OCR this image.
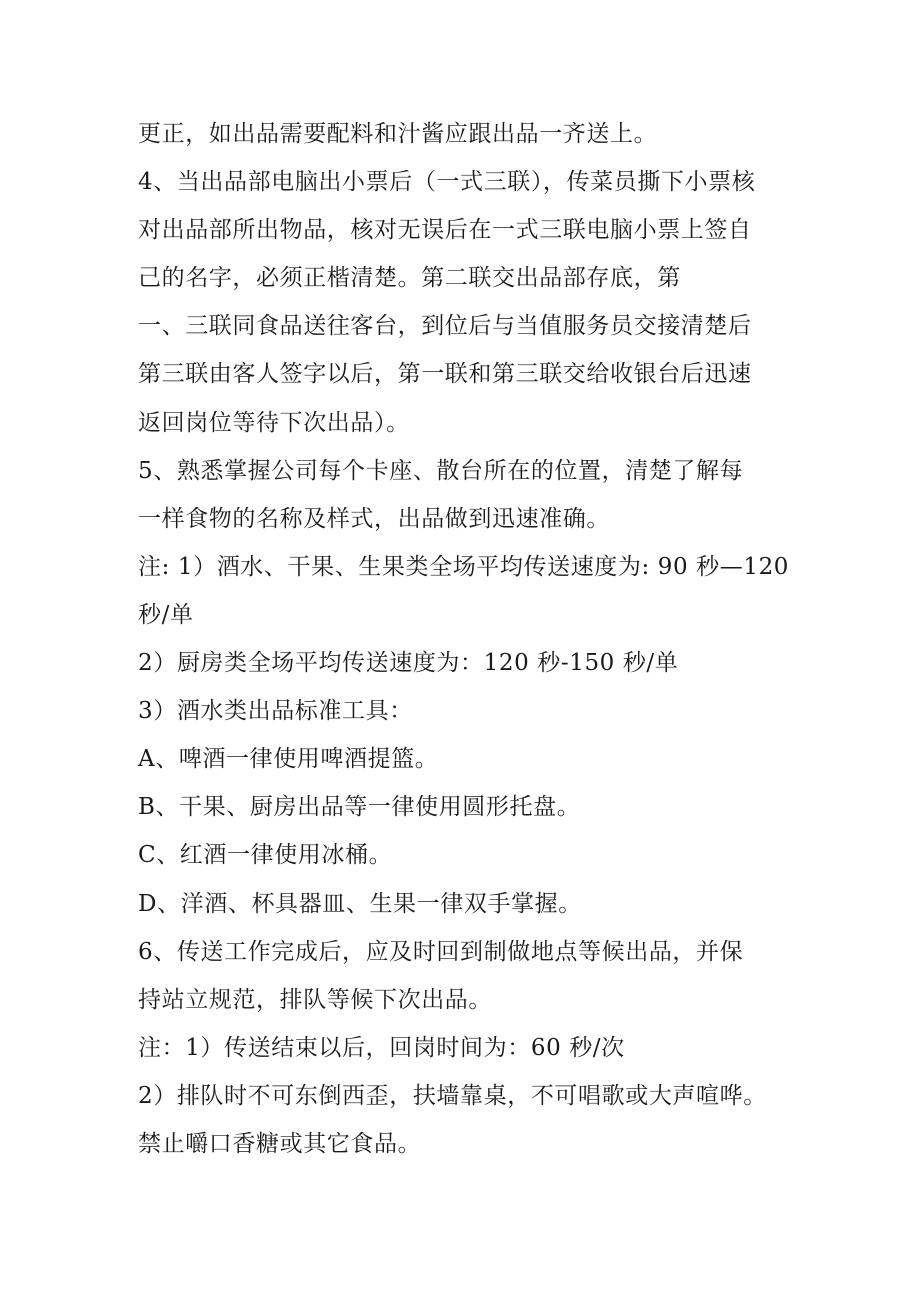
更正，如出品需要配料和汁酱应跟出品一齐送上。
4、当出品部电脑出小票后（一式三联），传菜员撕下小票核
对出品部所出物品，核对无误后在一式三联电脑小票上签自
己的名字，必须正楷清楚。第二联交出品部存底，第
一、三联同食品送往客台，到位后与当值服务员交接清楚后
第三联由客人签字以后，第一联和第三联交给收银台后迅速
返回岗位等待下次出品）。
5、熟悉掌握公司每个卡座、散台所在的位置，清楚了解每
一样食物的名称及样式，出品做到迅速准确。
注: 1）酒水、干果、生果类全场平均传送速度为: 90 秒—120
秒/单
2）厨房类全场平均传送速度为：120 秒-150 秒/单
3）酒水类出品标准工具：
A、啤酒一律使用啤酒提篮。
B、干果、厨房出品等一律使用圆形托盘。
C、红酒一律使用冰桶。
D、洋酒、杯具器皿、生果一律双手掌握。
6、传送工作完成后，应及时回到制做地点等候出品，并保
持站立规范，排队等候下次出品。
注：1）传送结束以后，回岗时间为：60 秒/次
2）排队时不可东倒西歪，扶墙靠桌，不可唱歌或大声喧哗。
禁止嚼口香糖或其它食品。
